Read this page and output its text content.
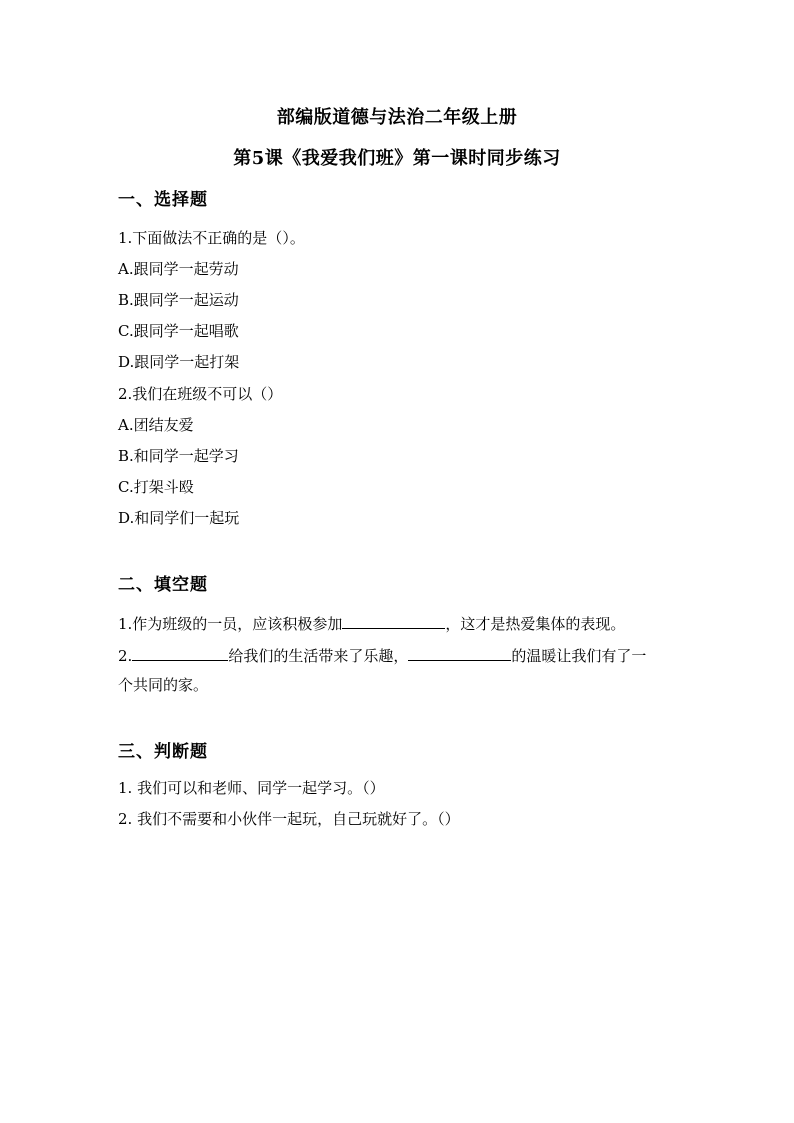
部编版道德与法治二年级上册
第5课《我爱我们班》第一课时同步练习
一、选择题
1.下面做法不正确的是（）。
A.跟同学一起劳动
B.跟同学一起运动
C.跟同学一起唱歌
D.跟同学一起打架
2.我们在班级不可以（）
A.团结友爱
B.和同学一起学习
C.打架斗殴
D.和同学们一起玩
二、填空题
1.作为班级的一员，应该积极参加	，这才是热爱集体的表现。
2.	给我们的生活带来了乐趣，	的温暖让我们有了一
个共同的家。
三、判断题
1. 我们可以和老师、同学一起学习。（）
2. 我们不需要和小伙伴一起玩，自己玩就好了。（）
